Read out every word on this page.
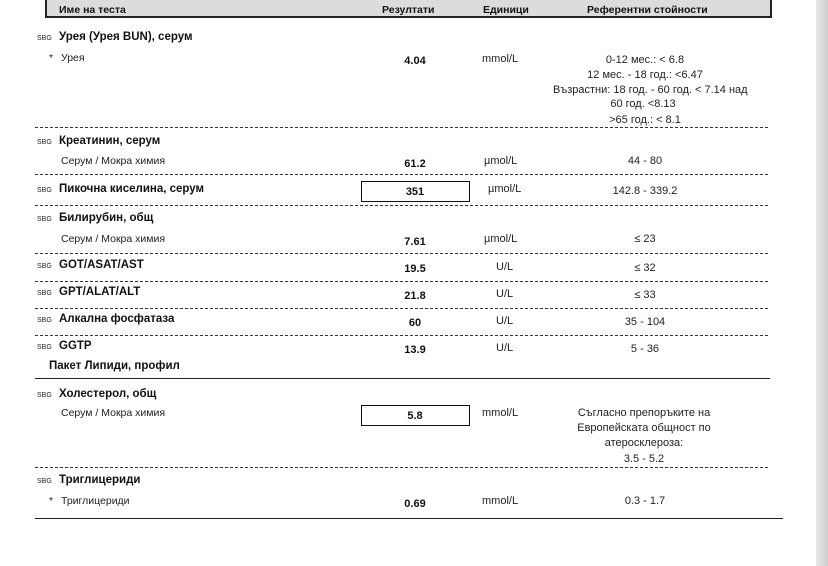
Име на теста	Резултати	Единици	Референтни стойности
SBG Урея (Урея BUN), серум
* Урея	4.04	mmol/L	0-12 мес.: < 6.8
12 мес. - 18 год.: <6.47
Възрастни: 18 год. - 60 год. < 7.14 над
60 год. <8.13
>65 год.: < 8.1
SBG Креатинин, серум
Серум / Мокра химия	61.2	µmol/L	44 - 80
SBG Пикочна киселина, серум	351	µmol/L	142.8 - 339.2
SBG Билирубин, общ
Серум / Мокра химия	7.61	µmol/L	≤ 23
SBG GOT/ASAT/AST	19.5	U/L	≤ 32
SBG GPT/ALAT/ALT	21.8	U/L	≤ 33
SBG Алкална фосфатаза	60	U/L	35 - 104
SBG GGTP	13.9	U/L	5 - 36
Пакет Липиди, профил
SBG Холестерол, общ
Серум / Мокра химия	5.8	mmol/L	Съгласно препоръките на
Европейската общност по
атеросклероза:
3.5 - 5.2
SBG Триглицериди
* Триглицериди	0.69	mmol/L	0.3 - 1.7
